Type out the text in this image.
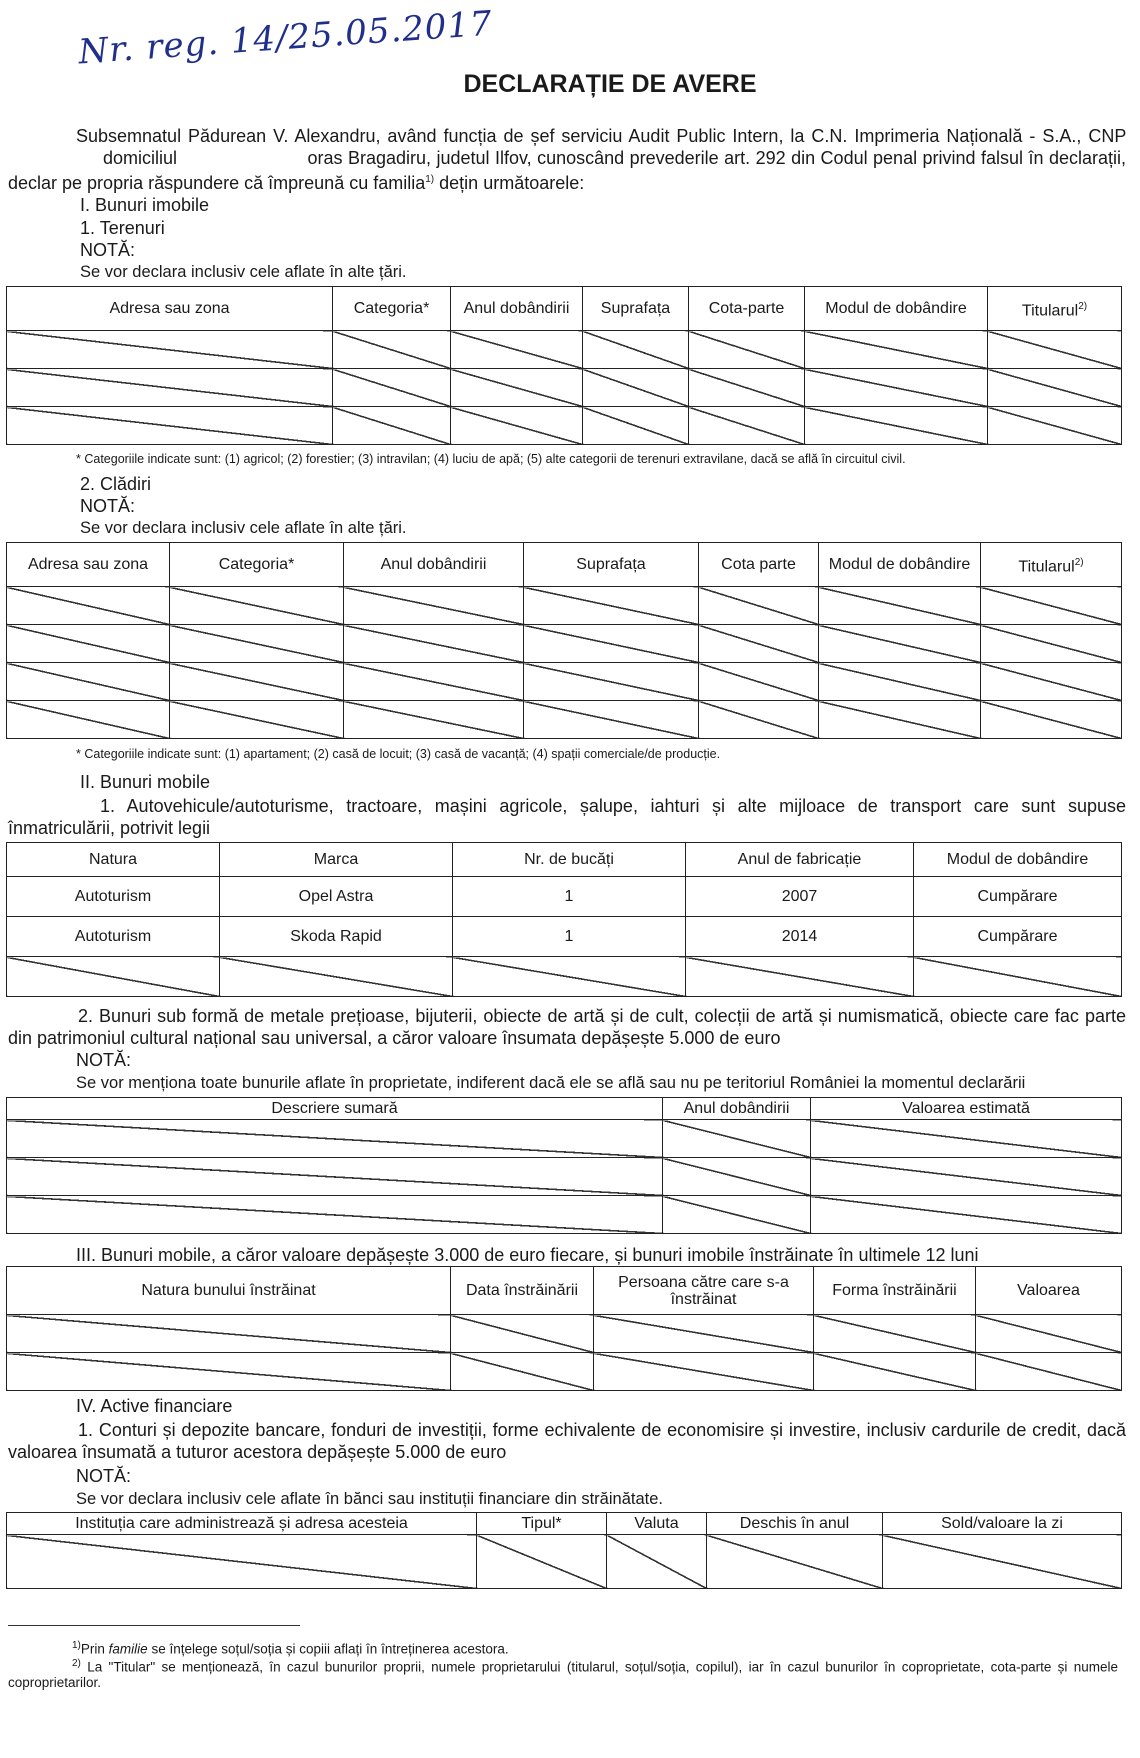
Nr. reg. 14/25.05.2017
DECLARAȚIE DE AVERE
Subsemnatul Pădurean V. Alexandru, având funcția de șef serviciu Audit Public Intern, la C.N. Imprimeria Națională - S.A., CNP domiciliul	oras Bragadiru, judetul Ilfov, cunoscând prevederile art. 292 din Codul penal privind falsul în declarații, declar pe propria răspundere că împreună cu familia$^{1)}$ dețin următoarele:
I. Bunuri imobile
1. Terenuri
NOTĂ:
Se vor declara inclusiv cele aflate în alte țări.
Adresa sau zona	Categoria*	Anul dobândirii	Suprafața	Cota-parte	Modul de dobândire	Titularul$^{2)}$

* Categoriile indicate sunt: (1) agricol; (2) forestier; (3) intravilan; (4) luciu de apă; (5) alte categorii de terenuri extravilane, dacă se află în circuitul civil.
2. Clădiri
NOTĂ:
Se vor declara inclusiv cele aflate în alte țări.
Adresa sau zona	Categoria*	Anul dobândirii	Suprafața	Cota parte	Modul de dobândire	Titularul$^{2)}$

* Categoriile indicate sunt: (1) apartament; (2) casă de locuit; (3) casă de vacanță; (4) spații comerciale/de producție.
II. Bunuri mobile
1. Autovehicule/autoturisme, tractoare, mașini agricole, șalupe, iahturi și alte mijloace de transport care sunt supuse înmatriculării, potrivit legii
Natura	Marca	Nr. de bucăți	Anul de fabricație	Modul de dobândire
Autoturism	Opel Astra	1	2007	Cumpărare
Autoturism	Skoda Rapid	1	2014	Cumpărare

2. Bunuri sub formă de metale prețioase, bijuterii, obiecte de artă și de cult, colecții de artă și numismatică, obiecte care fac parte din patrimoniul cultural național sau universal, a căror valoare însumata depășește 5.000 de euro
NOTĂ:
Se vor menționa toate bunurile aflate în proprietate, indiferent dacă ele se află sau nu pe teritoriul României la momentul declarării
Descriere sumară	Anul dobândirii	Valoarea estimată

III. Bunuri mobile, a căror valoare depășește 3.000 de euro fiecare, și bunuri imobile înstrăinate în ultimele 12 luni
Natura bunului înstrăinat	Data înstrăinării	Persoana către care s-a înstrăinat	Forma înstrăinării	Valoarea

IV. Active financiare
1. Conturi și depozite bancare, fonduri de investiții, forme echivalente de economisire și investire, inclusiv cardurile de credit, dacă valoarea însumată a tuturor acestora depășește 5.000 de euro
NOTĂ:
Se vor declara inclusiv cele aflate în bănci sau instituții financiare din străinătate.
Instituția care administrează și adresa acesteia	Tipul*	Valuta	Deschis în anul	Sold/valoare la zi

$^{1)}$Prin familie se înțelege soțul/soția și copiii aflați în întreținerea acestora.
$^{2)}$ La "Titular" se menționează, în cazul bunurilor proprii, numele proprietarului (titularul, soțul/soția, copilul), iar în cazul bunurilor în coproprietate, cota-parte și numele coproprietarilor.
